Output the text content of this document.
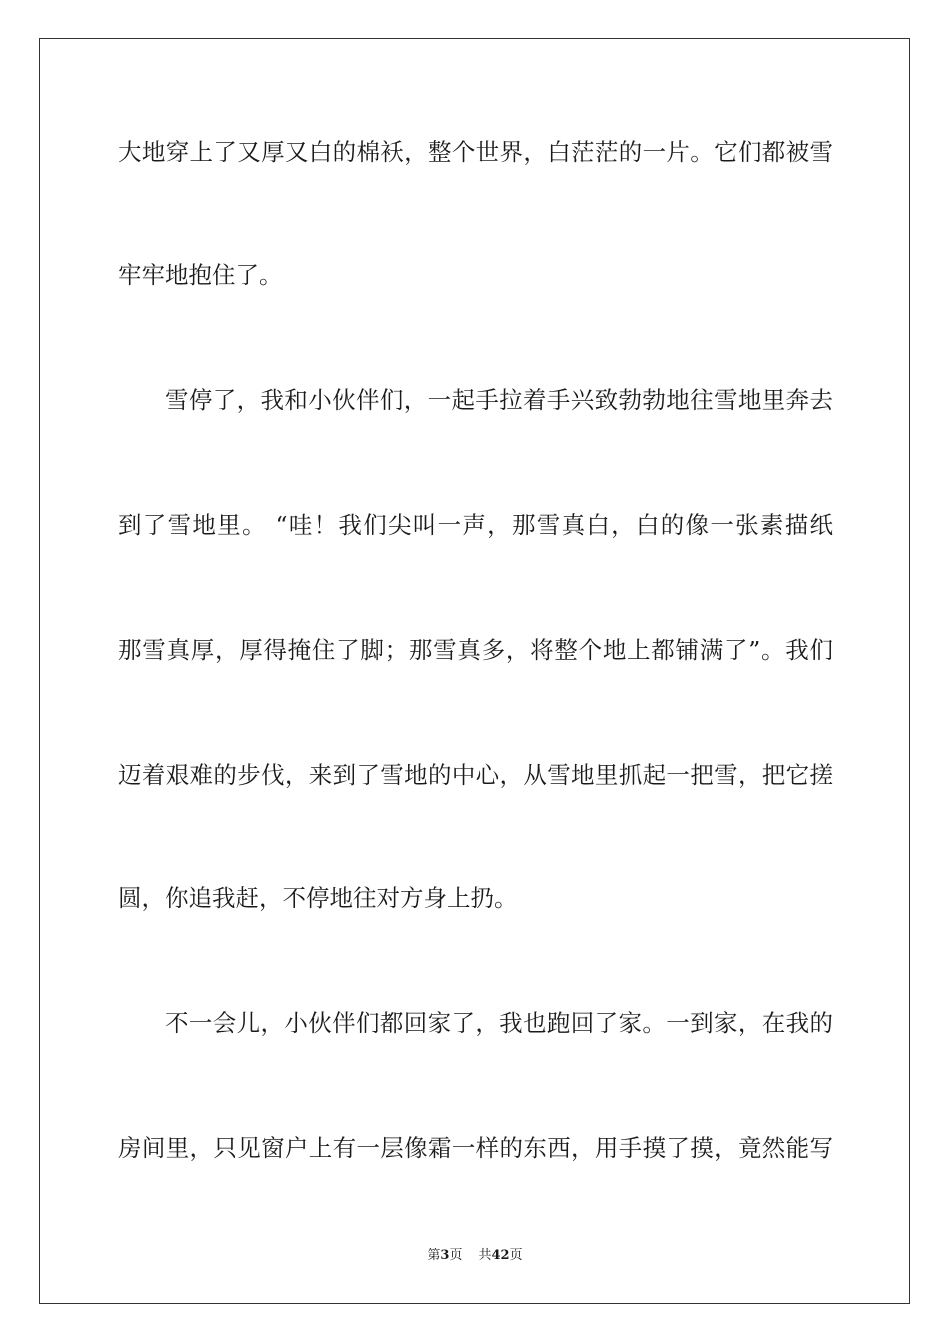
大地穿上了又厚又白的棉袄，整个世界，白茫茫的一片。它们都被雪
牢牢地抱住了。
雪停了，我和小伙伴们，一起手拉着手兴致勃勃地往雪地里奔去
到了雪地里。 “哇！我们尖叫一声，那雪真白，白的像一张素描纸
那雪真厚，厚得掩住了脚；那雪真多，将整个地上都铺满了”。我们
迈着艰难的步伐，来到了雪地的中心，从雪地里抓起一把雪，把它搓
圆，你追我赶，不停地往对方身上扔。
不一会儿，小伙伴们都回家了，我也跑回了家。一到家，在我的
房间里，只见窗户上有一层像霜一样的东西，用手摸了摸，竟然能写
第3页 共42页
